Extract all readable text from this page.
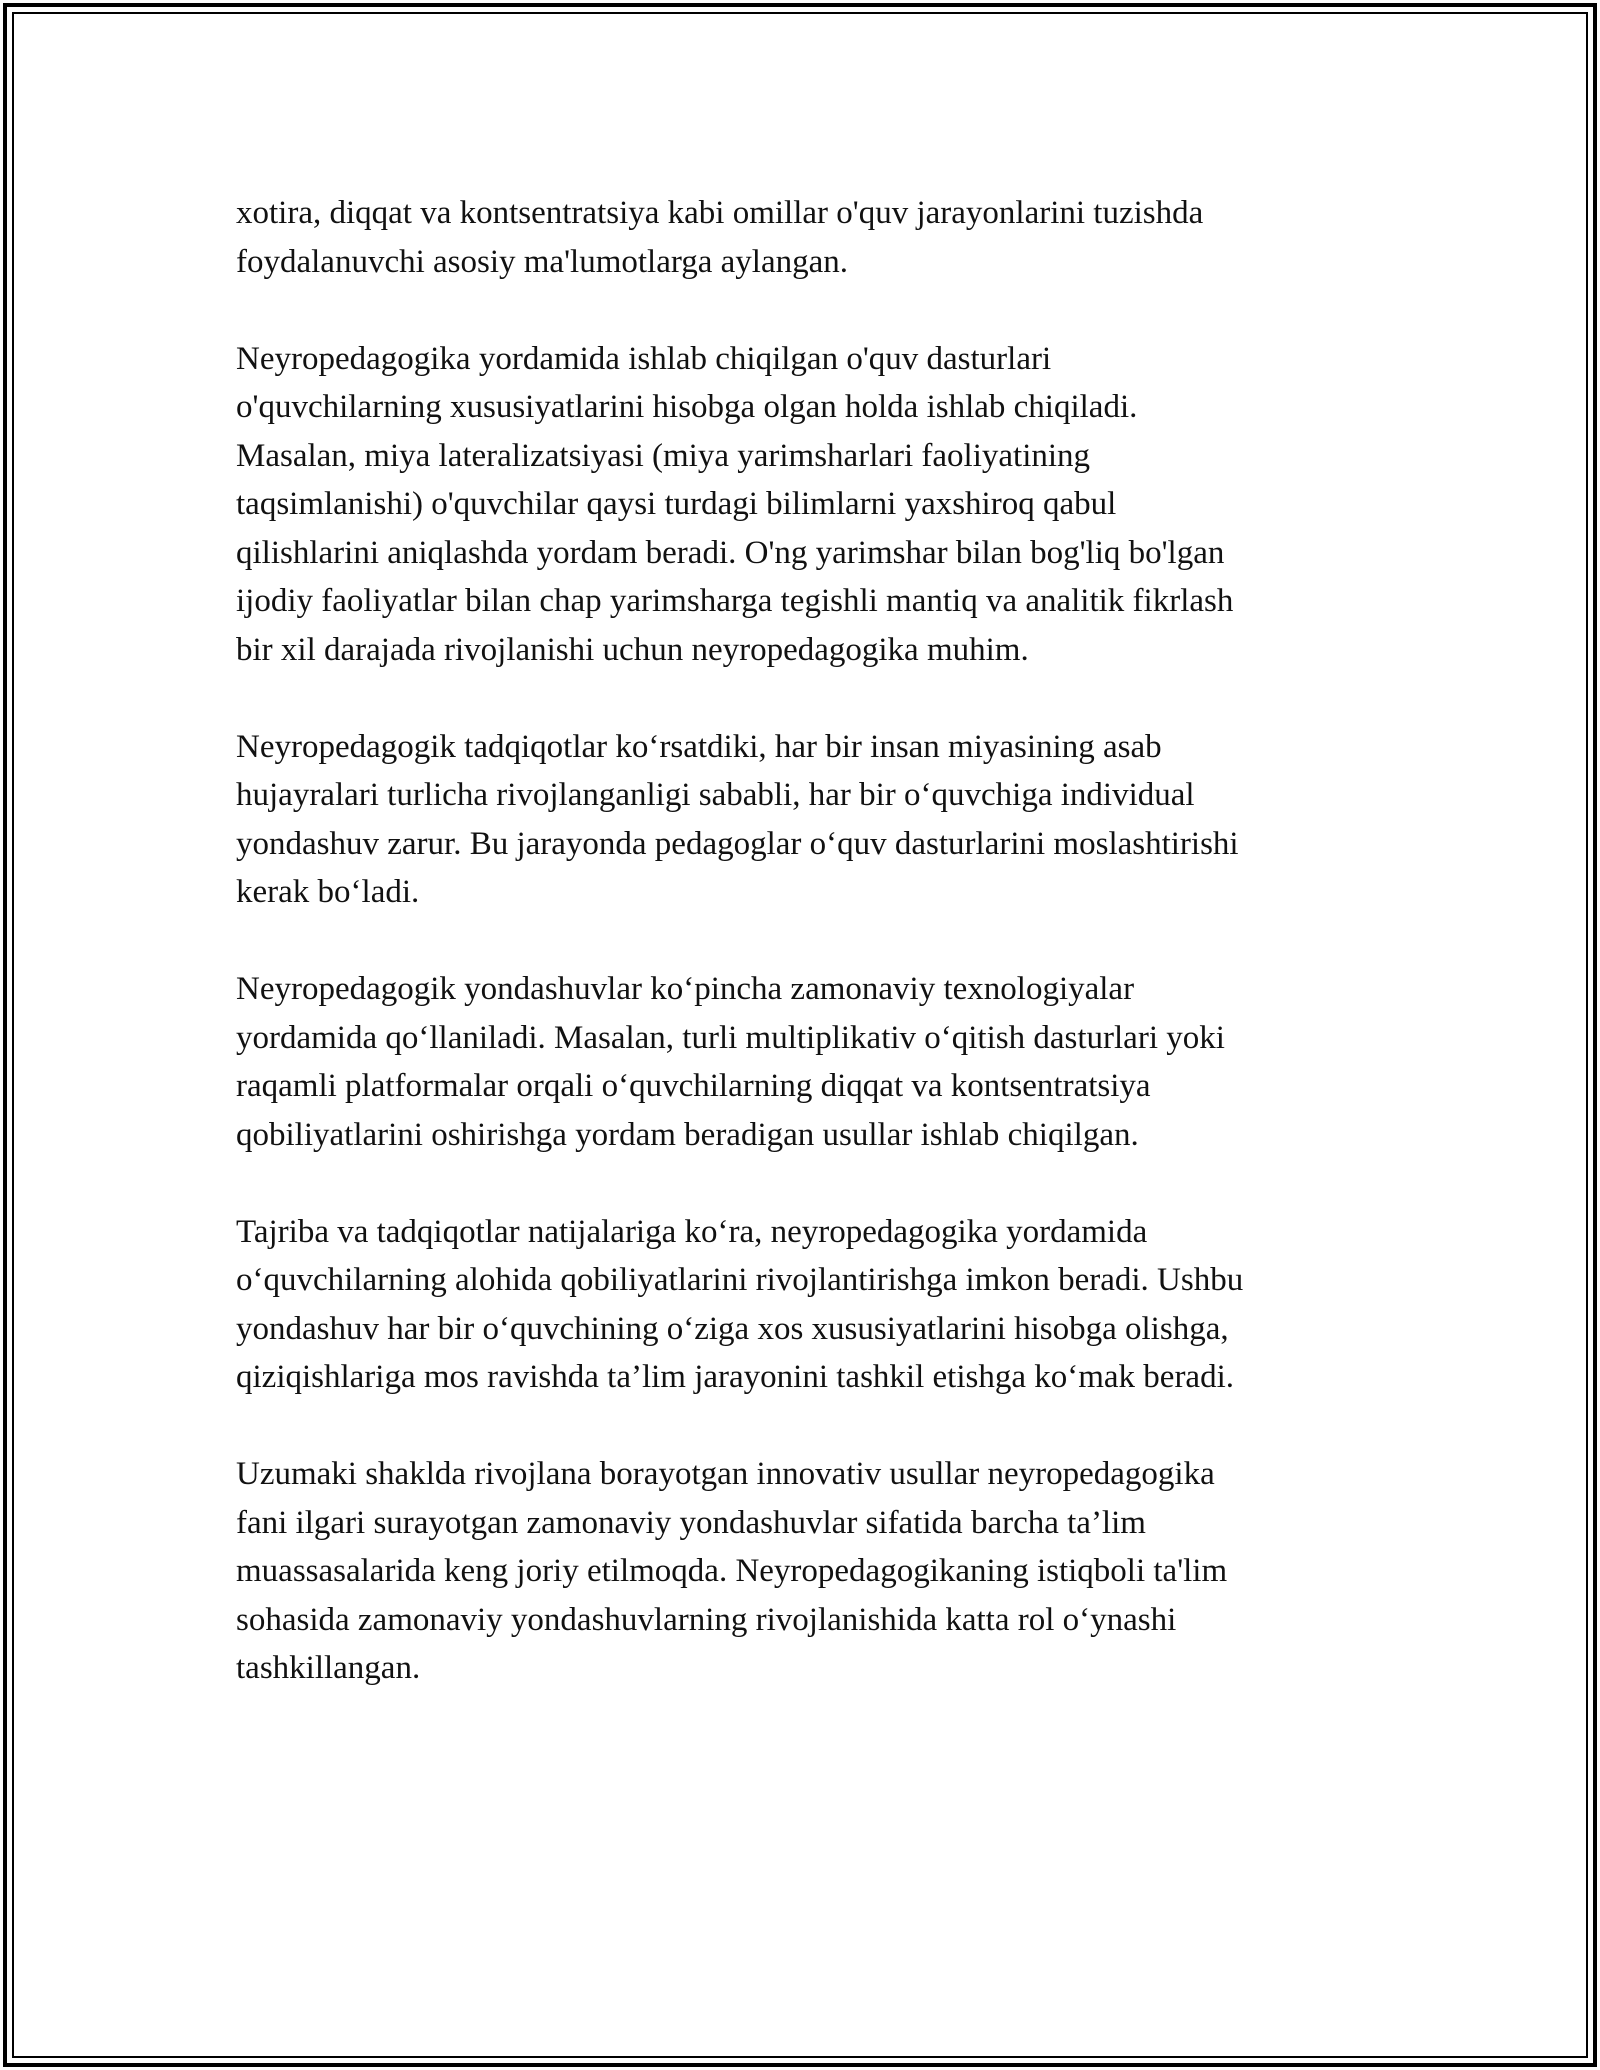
xotira, diqqat va kontsentratsiya kabi omillar o'quv jarayonlarini tuzishda
foydalanuvchi asosiy ma'lumotlarga aylangan.

Neyropedagogika yordamida ishlab chiqilgan o'quv dasturlari
o'quvchilarning xususiyatlarini hisobga olgan holda ishlab chiqiladi.
Masalan, miya lateralizatsiyasi (miya yarimsharlari faoliyatining
taqsimlanishi) o'quvchilar qaysi turdagi bilimlarni yaxshiroq qabul
qilishlarini aniqlashda yordam beradi. O'ng yarimshar bilan bog'liq bo'lgan
ijodiy faoliyatlar bilan chap yarimsharga tegishli mantiq va analitik fikrlash
bir xil darajada rivojlanishi uchun neyropedagogika muhim.

Neyropedagogik tadqiqotlar ko‘rsatdiki, har bir insan miyasining asab
hujayralari turlicha rivojlanganligi sababli, har bir o‘quvchiga individual
yondashuv zarur. Bu jarayonda pedagoglar o‘quv dasturlarini moslashtirishi
kerak bo‘ladi.

Neyropedagogik yondashuvlar ko‘pincha zamonaviy texnologiyalar
yordamida qo‘llaniladi. Masalan, turli multiplikativ o‘qitish dasturlari yoki
raqamli platformalar orqali o‘quvchilarning diqqat va kontsentratsiya
qobiliyatlarini oshirishga yordam beradigan usullar ishlab chiqilgan.

Tajriba va tadqiqotlar natijalariga ko‘ra, neyropedagogika yordamida
o‘quvchilarning alohida qobiliyatlarini rivojlantirishga imkon beradi. Ushbu
yondashuv har bir o‘quvchining o‘ziga xos xususiyatlarini hisobga olishga,
qiziqishlariga mos ravishda ta’lim jarayonini tashkil etishga ko‘mak beradi.

Uzumaki shaklda rivojlana borayotgan innovativ usullar neyropedagogika
fani ilgari surayotgan zamonaviy yondashuvlar sifatida barcha ta’lim
muassasalarida keng joriy etilmoqda. Neyropedagogikaning istiqboli ta'lim
sohasida zamonaviy yondashuvlarning rivojlanishida katta rol o‘ynashi
tashkillangan.
